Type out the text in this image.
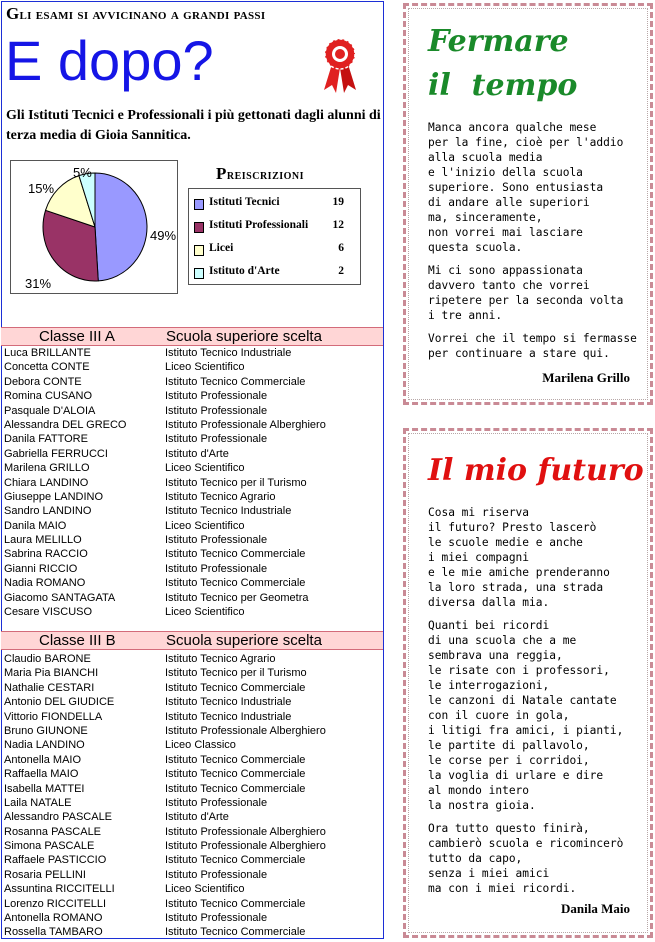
Gli esami si avvicinano a grandi passi
E dopo?
Gli Istituti Tecnici e Professionali i più gettonati dagli alunni di terza media di Gioia Sannitica.
49%
31%
15%
5%	Preiscrizioni
Istituti Tecnici	19
Istituti Professionali 12
Licei	6
Istituto d'Arte	2
Classe III A	Scuola superiore scelta
Luca BRILLANTE	Istituto Tecnico Industriale
Concetta CONTE	Liceo Scientifico
Debora CONTE	Istituto Tecnico Commerciale
Romina CUSANO	Istituto Professionale
Pasquale D'ALOIA	Istituto Professionale
Alessandra DEL GRECO	Istituto Professionale Alberghiero
Danila FATTORE	Istituto Professionale
Gabriella FERRUCCI	Istituto d'Arte
Marilena GRILLO	Liceo Scientifico
Chiara LANDINO	Istituto Tecnico per il Turismo
Giuseppe LANDINO	Istituto Tecnico Agrario
Sandro LANDINO	Istituto Tecnico Industriale
Danila MAIO	Liceo Scientifico
Laura MELILLO	Istituto Professionale
Sabrina RACCIO	Istituto Tecnico Commerciale
Gianni RICCIO	Istituto Professionale
Nadia ROMANO	Istituto Tecnico Commerciale
Giacomo SANTAGATA	Istituto Tecnico per Geometra
Cesare VISCUSO	Liceo Scientifico
Classe III B	Scuola superiore scelta
Claudio BARONE	Istituto Tecnico Agrario
Maria Pia BIANCHI	Istituto Tecnico per il Turismo
Nathalie CESTARI	Istituto Tecnico Commerciale
Antonio DEL GIUDICE	Istituto Tecnico Industriale
Vittorio FIONDELLA	Istituto Tecnico Industriale
Bruno GIUNONE	Istituto Professionale Alberghiero
Nadia LANDINO	Liceo Classico
Antonella MAIO	Istituto Tecnico Commerciale
Raffaella MAIO	Istituto Tecnico Commerciale
Isabella MATTEI	Istituto Tecnico Commerciale
Laila NATALE	Istituto Professionale
Alessandro PASCALE	Istituto d'Arte
Rosanna PASCALE	Istituto Professionale Alberghiero
Simona PASCALE	Istituto Professionale Alberghiero
Raffaele PASTICCIO	Istituto Tecnico Commerciale
Rosaria PELLINI	Istituto Professionale
Assuntina RICCITELLI	Liceo Scientifico
Lorenzo RICCITELLI	Istituto Tecnico Commerciale
Antonella ROMANO	Istituto Professionale
Rossella TAMBARO	Istituto Tecnico Commerciale
Fermare
il  tempo

Manca ancora qualche mese
per la fine, cioè per l'addio
alla scuola media
e l'inizio della scuola
superiore. Sono entusiasta
di andare alle superiori
ma, sinceramente,
non vorrei mai lasciare
questa scuola.

Mi ci sono appassionata
davvero tanto che vorrei
ripetere per la seconda volta
i tre anni.

Vorrei che il tempo si fermasse
per continuare a stare qui.

Marilena Grillo
Il mio futuro

Cosa mi riserva
il futuro? Presto lascerò
le scuole medie e anche
i miei compagni
e le mie amiche prenderanno
la loro strada, una strada
diversa dalla mia.

Quanti bei ricordi
di una scuola che a me
sembrava una reggia,
le risate con i professori,
le interrogazioni,
le canzoni di Natale cantate
con il cuore in gola,
i litigi fra amici, i pianti,
le partite di pallavolo,
le corse per i corridoi,
la voglia di urlare e dire
al mondo intero
la nostra gioia.

Ora tutto questo finirà,
cambierò scuola e ricomincerò
tutto da capo,
senza i miei amici
ma con i miei ricordi.

Danila Maio
